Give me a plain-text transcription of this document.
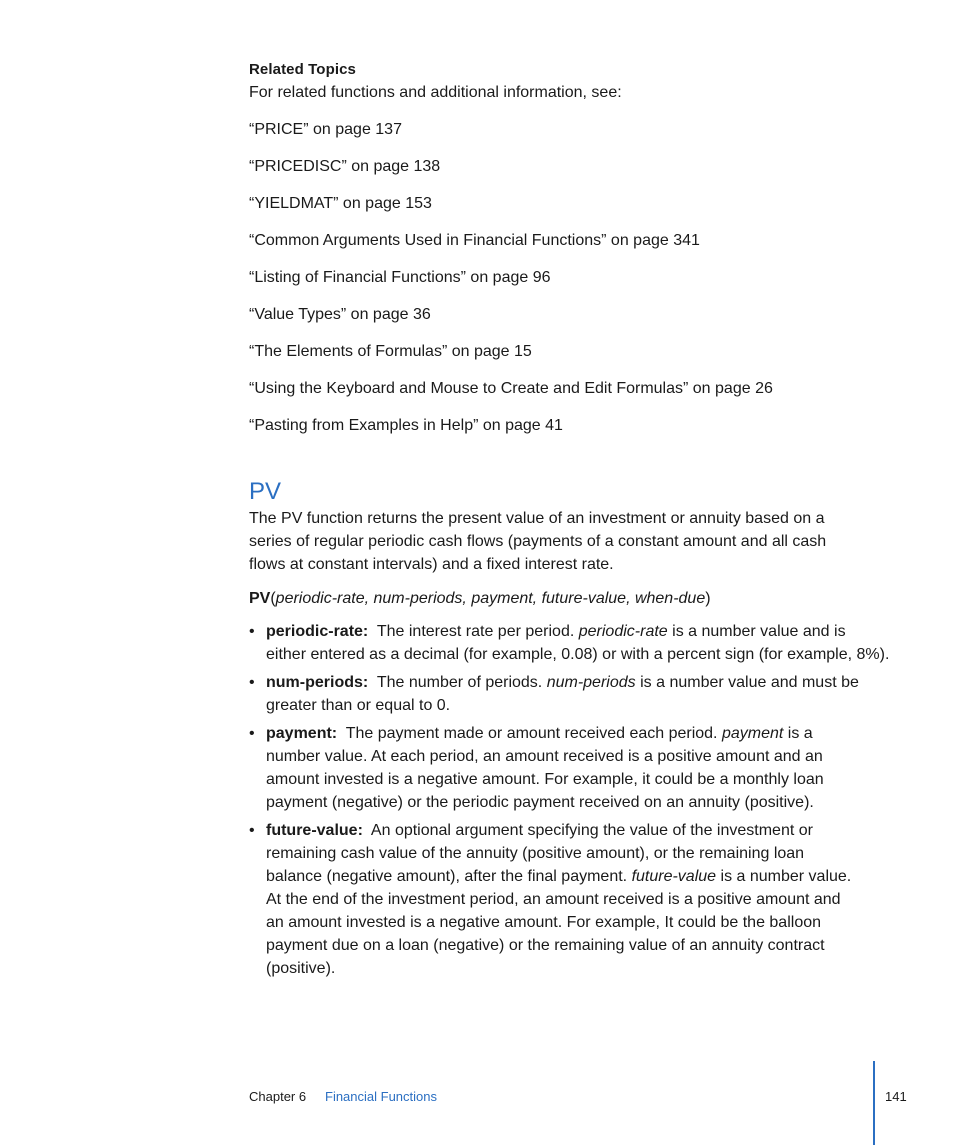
Related Topics
For related functions and additional information, see:
“PRICE” on page 137
“PRICEDISC” on page 138
“YIELDMAT” on page 153
“Common Arguments Used in Financial Functions” on page 341
“Listing of Financial Functions” on page 96
“Value Types” on page 36
“The Elements of Formulas” on page 15
“Using the Keyboard and Mouse to Create and Edit Formulas” on page 26
“Pasting from Examples in Help” on page 41
PV
The PV function returns the present value of an investment or annuity based on a
series of regular periodic cash flows (payments of a constant amount and all cash
flows at constant intervals) and a fixed interest rate.
PV(periodic-rate, num-periods, payment, future-value, when-due)
• periodic-rate: The interest rate per period. periodic-rate is a number value and is
either entered as a decimal (for example, 0.08) or with a percent sign (for example, 8%).
• num-periods: The number of periods. num-periods is a number value and must be
greater than or equal to 0.
• payment: The payment made or amount received each period. payment is a
number value. At each period, an amount received is a positive amount and an
amount invested is a negative amount. For example, it could be a monthly loan
payment (negative) or the periodic payment received on an annuity (positive).
• future-value: An optional argument specifying the value of the investment or
remaining cash value of the annuity (positive amount), or the remaining loan
balance (negative amount), after the final payment. future-value is a number value.
At the end of the investment period, an amount received is a positive amount and
an amount invested is a negative amount. For example, It could be the balloon
payment due on a loan (negative) or the remaining value of an annuity contract
(positive).
Chapter 6 Financial Functions	141
